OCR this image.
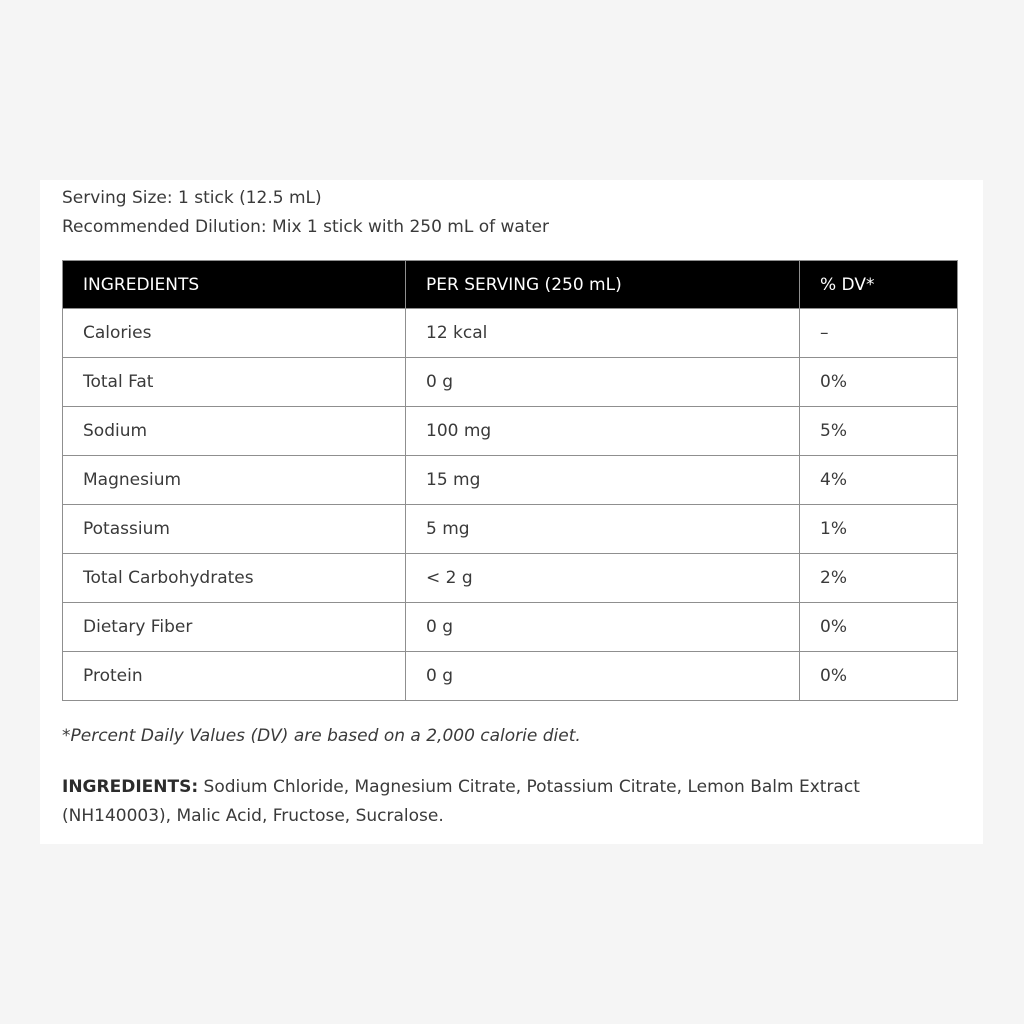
Serving Size: 1 stick (12.5 mL)
Recommended Dilution: Mix 1 stick with 250 mL of water
INGREDIENTS	PER SERVING (250 mL)	% DV*
Calories	12 kcal	–
Total Fat	0 g	0%
Sodium	100 mg	5%
Magnesium	15 mg	4%
Potassium	5 mg	1%
Total Carbohydrates	< 2 g	2%
Dietary Fiber	0 g	0%
Protein	0 g	0%
*Percent Daily Values (DV) are based on a 2,000 calorie diet.
INGREDIENTS: Sodium Chloride, Magnesium Citrate, Potassium Citrate, Lemon Balm Extract (NH140003), Malic Acid, Fructose, Sucralose.
